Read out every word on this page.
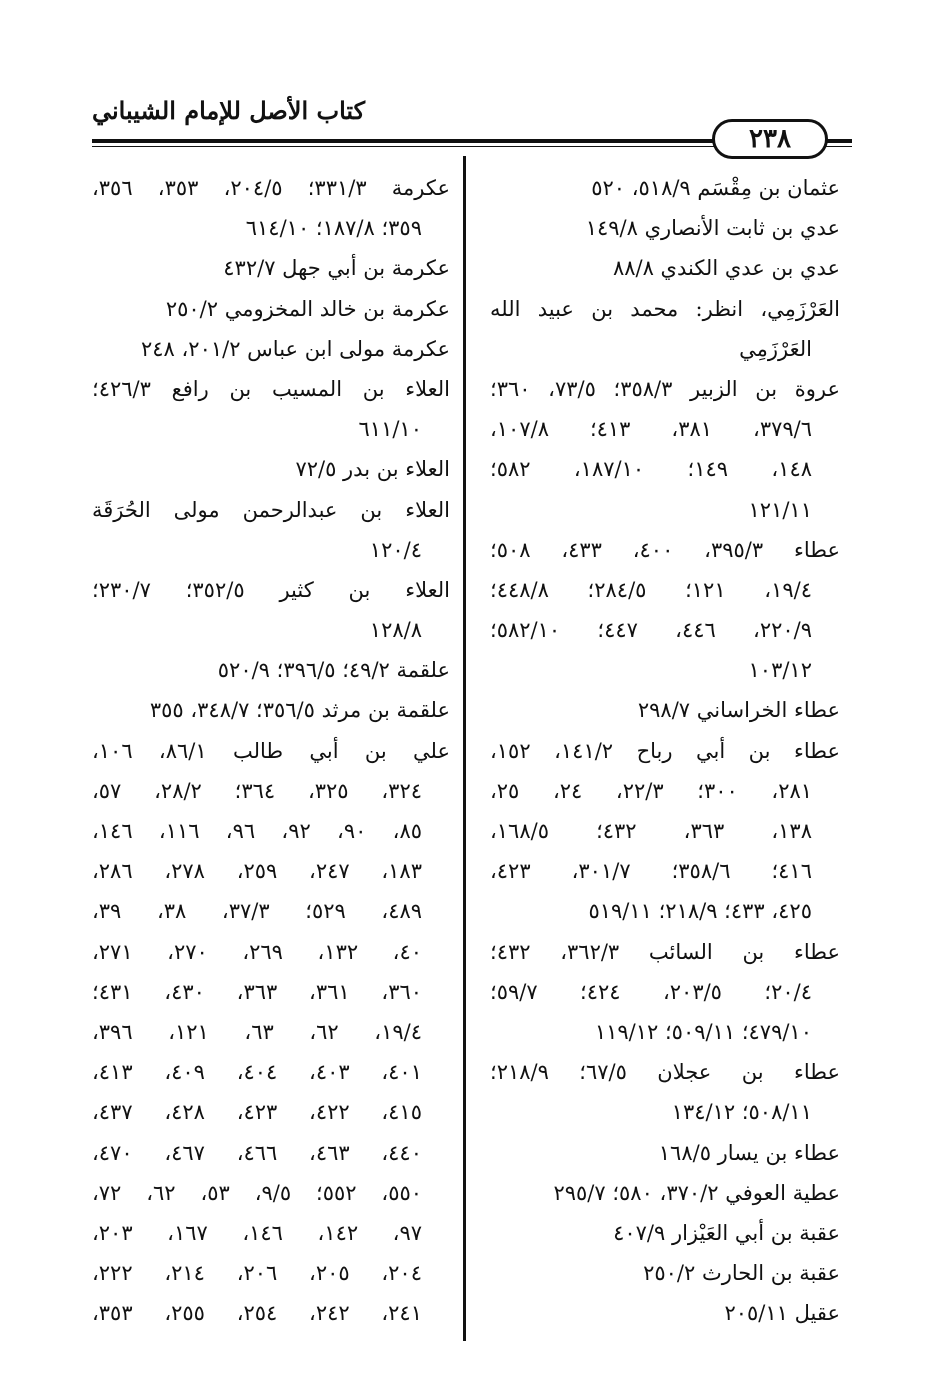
كتاب الأصل للإمام الشيباني
٢٣٨
عثمان بن مِقْسَم ٥١٨/٩، ٥٢٠
عدي بن ثابت الأنصاري ١٤٩/٨
عدي بن عدي الكندي ٨٨/٨
العَرْزَمِي، انظر: محمد بن عبيد الله
العَرْزَمِي
عروة بن الزبير ٣٥٨/٣؛ ٧٣/٥، ٣٦٠؛
٣٧٩/٦، ٣٨١، ٤١٣؛ ١٠٧/٨،
١٤٨، ١٤٩؛ ١٨٧/١٠، ٥٨٢؛
١٢١/١١
عطاء ٣٩٥/٣، ٤٠٠، ٤٣٣، ٥٠٨؛
١٩/٤، ١٢١؛ ٢٨٤/٥؛ ٤٤٨/٨؛
٢٢٠/٩، ٤٤٦، ٤٤٧؛ ٥٨٢/١٠؛
١٠٣/١٢
عطاء الخراساني ٢٩٨/٧
عطاء بن أبي رباح ١٤١/٢، ١٥٢،
٢٨١، ٣٠٠؛ ٢٢/٣، ٢٤، ٢٥،
١٣٨، ٣٦٣، ٤٣٢؛ ١٦٨/٥،
٤١٦؛ ٣٥٨/٦؛ ٣٠١/٧، ٤٢٣،
٤٢٥، ٤٣٣؛ ٢١٨/٩؛ ٥١٩/١١
عطاء بن السائب ٣٦٢/٣، ٤٣٢؛
٢٠/٤؛ ٢٠٣/٥، ٤٢٤؛ ٥٩/٧؛
٤٧٩/١٠؛ ٥٠٩/١١؛ ١١٩/١٢
عطاء بن عجلان ٦٧/٥؛ ٢١٨/٩؛
٥٠٨/١١؛ ١٣٤/١٢
عطاء بن يسار ١٦٨/٥
عطية العوفي ٣٧٠/٢، ٥٨٠؛ ٢٩٥/٧
عقبة بن أبي العَيْزار ٤٠٧/٩
عقبة بن الحارث ٢٥٠/٢
عقيل ٢٠٥/١١
عكرمة ٣٣١/٣؛ ٢٠٤/٥، ٣٥٣، ٣٥٦،
٣٥٩؛ ١٨٧/٨؛ ٦١٤/١٠
عكرمة بن أبي جهل ٤٣٢/٧
عكرمة بن خالد المخزومي ٢٥٠/٢
عكرمة مولى ابن عباس ٢٠١/٢، ٢٤٨
العلاء بن المسيب بن رافع ٤٢٦/٣؛
٦١١/١٠
العلاء بن بدر ٧٢/٥
العلاء بن عبدالرحمن مولى الحُرَقَة
١٢٠/٤
العلاء بن كثير ٣٥٢/٥؛ ٢٣٠/٧؛
١٢٨/٨
علقمة ٤٩/٢؛ ٣٩٦/٥؛ ٥٢٠/٩
علقمة بن مرثد ٣٥٦/٥؛ ٣٤٨/٧، ٣٥٥
علي بن أبي طالب ٨٦/١، ١٠٦،
٣٢٤، ٣٢٥، ٣٦٤؛ ٢٨/٢، ٥٧،
٨٥، ٩٠، ٩٢، ٩٦، ١١٦، ١٤٦،
١٨٣، ٢٤٧، ٢٥٩، ٢٧٨، ٢٨٦،
٤٨٩، ٥٢٩؛ ٣٧/٣، ٣٨، ٣٩،
٤٠، ١٣٢، ٢٦٩، ٢٧٠، ٢٧١،
٣٦٠، ٣٦١، ٣٦٣، ٤٣٠، ٤٣١؛
١٩/٤، ٦٢، ٦٣، ١٢١، ٣٩٦،
٤٠١، ٤٠٣، ٤٠٤، ٤٠٩، ٤١٣،
٤١٥، ٤٢٢، ٤٢٣، ٤٢٨، ٤٣٧،
٤٤٠، ٤٦٣، ٤٦٦، ٤٦٧، ٤٧٠،
٥٥٠، ٥٥٢؛ ٩/٥، ٥٣، ٦٢، ٧٢،
٩٧، ١٤٢، ١٤٦، ١٦٧، ٢٠٣،
٢٠٤، ٢٠٥، ٢٠٦، ٢١٤، ٢٢٢،
٢٤١، ٢٤٢، ٢٥٤، ٢٥٥، ٣٥٣،
